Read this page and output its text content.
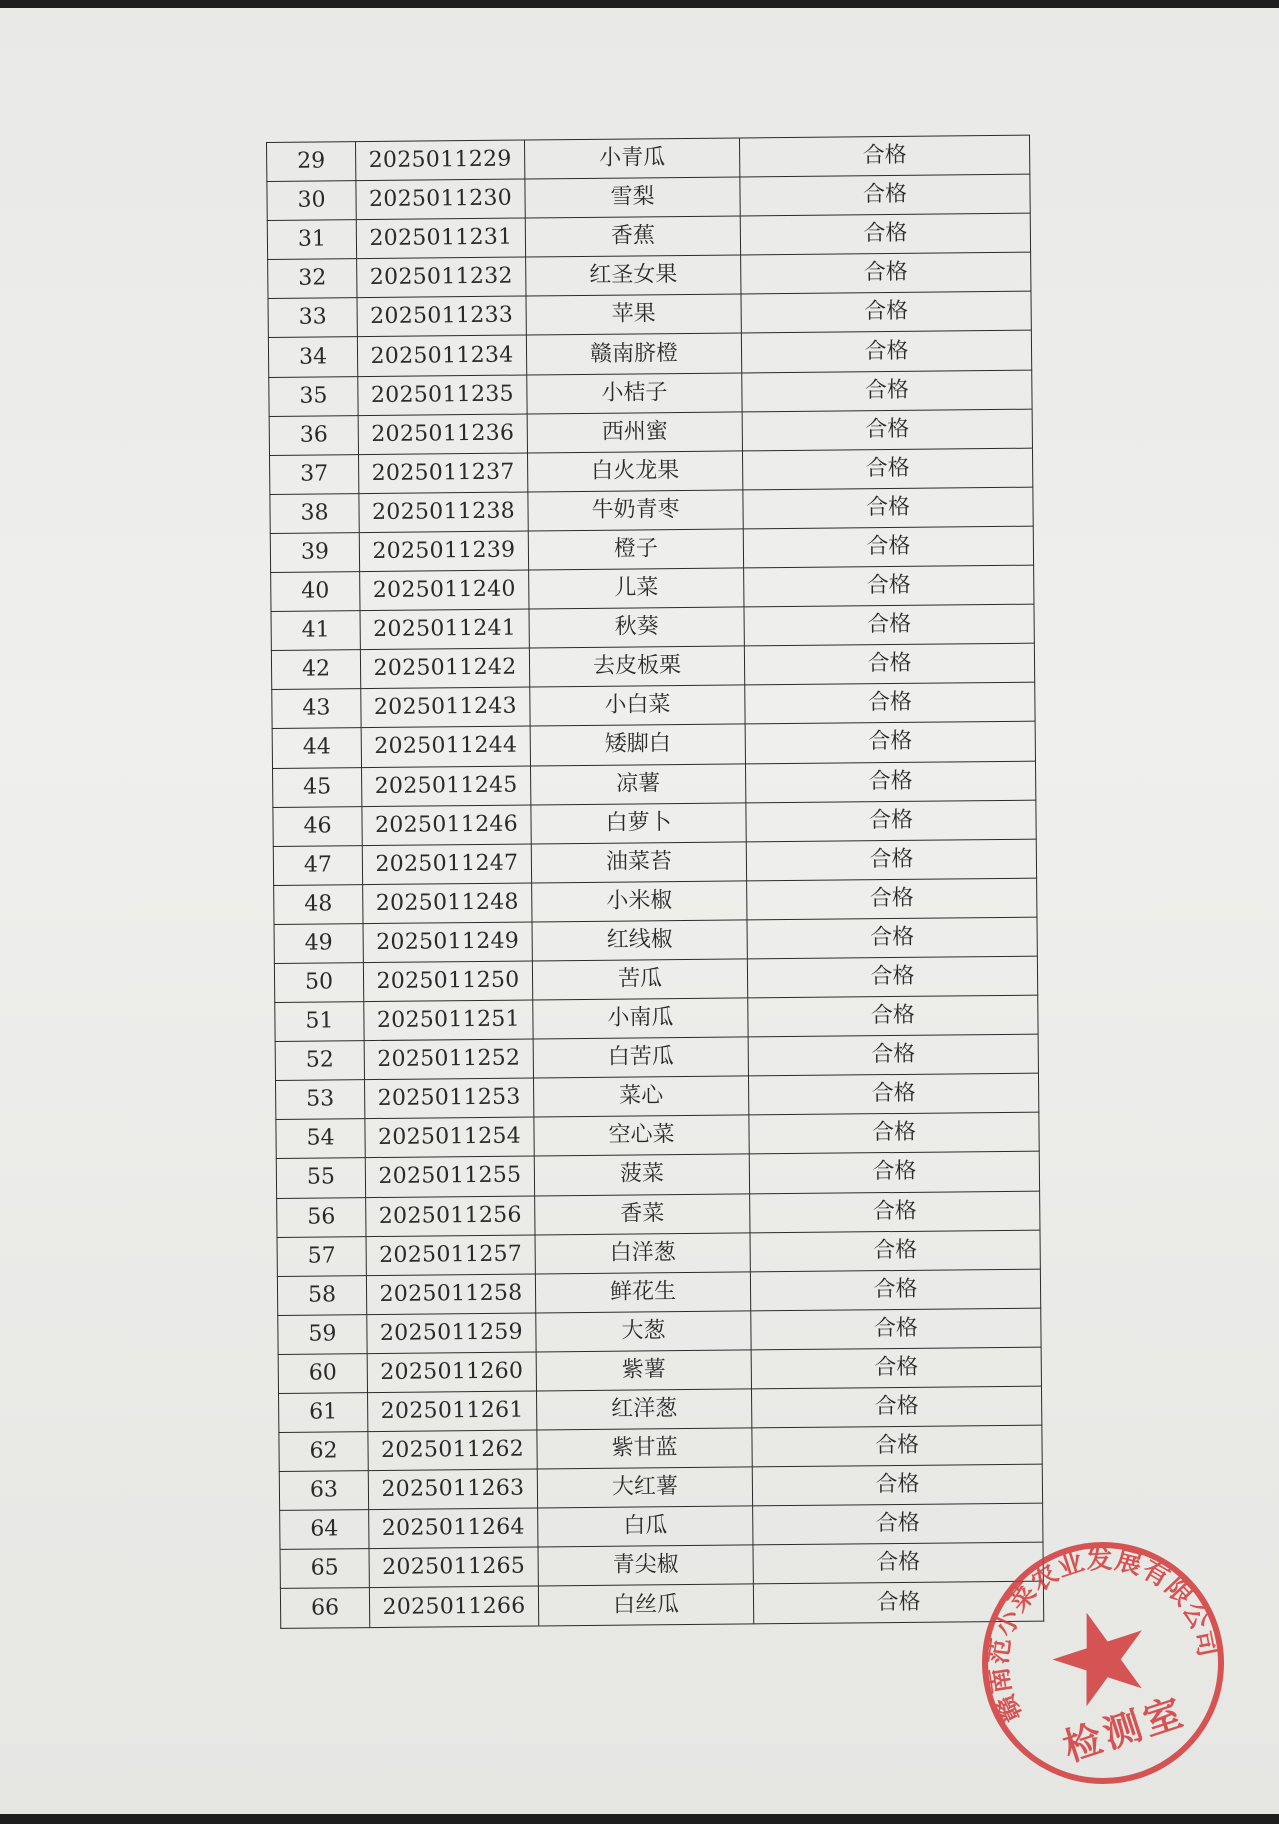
29	2025011229	小青瓜	合格
30	2025011230	雪梨	合格
31	2025011231	香蕉	合格
32	2025011232	红圣女果	合格
33	2025011233	苹果	合格
34	2025011234	赣南脐橙	合格
35	2025011235	小桔子	合格
36	2025011236	西州蜜	合格
37	2025011237	白火龙果	合格
38	2025011238	牛奶青枣	合格
39	2025011239	橙子	合格
40	2025011240	儿菜	合格
41	2025011241	秋葵	合格
42	2025011242	去皮板栗	合格
43	2025011243	小白菜	合格
44	2025011244	矮脚白	合格
45	2025011245	凉薯	合格
46	2025011246	白萝卜	合格
47	2025011247	油菜苔	合格
48	2025011248	小米椒	合格
49	2025011249	红线椒	合格
50	2025011250	苦瓜	合格
51	2025011251	小南瓜	合格
52	2025011252	白苦瓜	合格
53	2025011253	菜心	合格
54	2025011254	空心菜	合格
55	2025011255	菠菜	合格
56	2025011256	香菜	合格
57	2025011257	白洋葱	合格
58	2025011258	鲜花生	合格
59	2025011259	大葱	合格
60	2025011260	紫薯	合格
61	2025011261	红洋葱	合格
62	2025011262	紫甘蓝	合格
63	2025011263	大红薯	合格
64	2025011264	白瓜	合格
65	2025011265	青尖椒	合格
66	2025011266	白丝瓜	合格
赣南范小菜农业发展有限公司
检测室
